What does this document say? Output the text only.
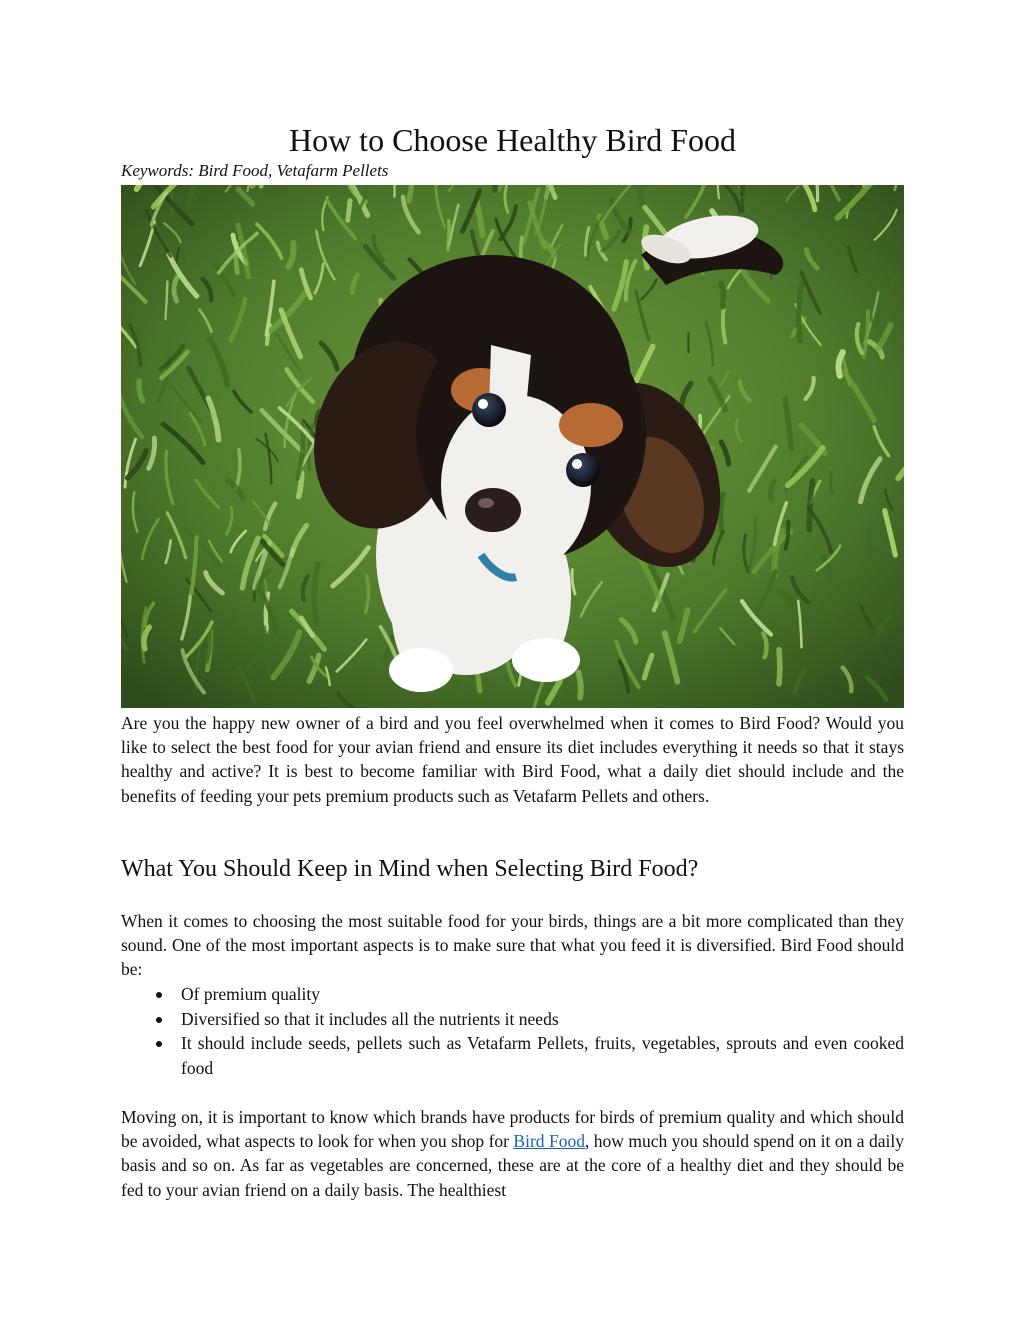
How to Choose Healthy Bird Food

Keywords: Bird Food, Vetafarm Pellets

Are you the happy new owner of a bird and you feel overwhelmed when it comes to Bird Food? Would you like to select the best food for your avian friend and ensure its diet includes everything it needs so that it stays healthy and active? It is best to become familiar with Bird Food, what a daily diet should include and the benefits of feeding your pets premium products such as Vetafarm Pellets and others.

What You Should Keep in Mind when Selecting Bird Food?

When it comes to choosing the most suitable food for your birds, things are a bit more complicated than they sound. One of the most important aspects is to make sure that what you feed it is diversified. Bird Food should be:

Of premium quality
Diversified so that it includes all the nutrients it needs
It should include seeds, pellets such as Vetafarm Pellets, fruits, vegetables, sprouts and even cooked food

Moving on, it is important to know which brands have products for birds of premium quality and which should be avoided, what aspects to look for when you shop for Bird Food, how much you should spend on it on a daily basis and so on. As far as vegetables are concerned, these are at the core of a healthy diet and they should be fed to your avian friend on a daily basis. The healthiest
